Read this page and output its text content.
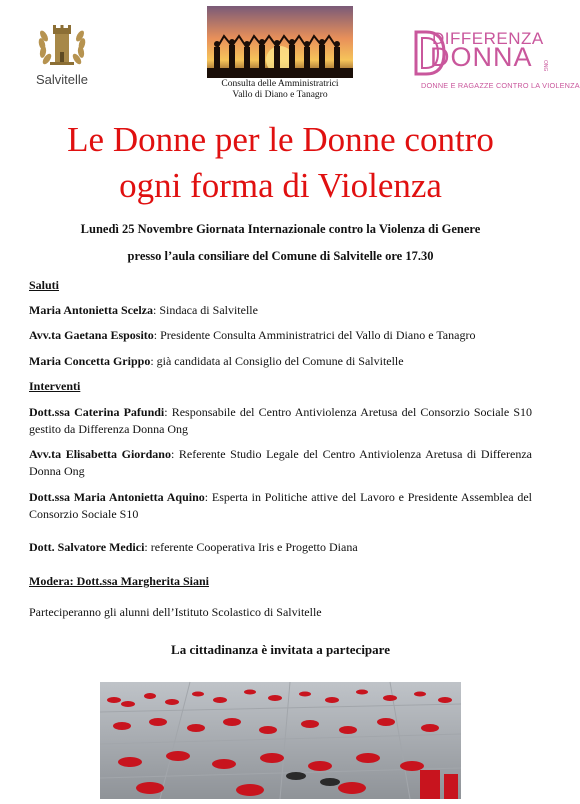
Salvitelle	Consulta delle Amministratrici
Vallo di Diano e Tanagro
DIFFERENZA
DONNA ONG
DONNE E RAGAZZE CONTRO LA VIOLENZA
Le Donne per le Donne contro
ogni forma di Violenza
Lunedì 25 Novembre Giornata Internazionale contro la Violenza di Genere
presso l’aula consiliare del Comune di Salvitelle ore 17.30
Saluti
Maria Antonietta Scelza: Sindaca di Salvitelle
Avv.ta Gaetana Esposito: Presidente Consulta Amministratrici del Vallo di Diano e Tanagro
Maria Concetta Grippo: già candidata al Consiglio del Comune di Salvitelle
Interventi
Dott.ssa Caterina Pafundi: Responsabile del Centro Antiviolenza Aretusa del Consorzio Sociale S10 gestito da Differenza Donna Ong
Avv.ta Elisabetta Giordano: Referente Studio Legale del Centro Antiviolenza Aretusa di Differenza Donna Ong
Dott.ssa Maria Antonietta Aquino: Esperta in Politiche attive del Lavoro e Presidente Assemblea del Consorzio Sociale S10
Dott. Salvatore Medici: referente Cooperativa Iris e Progetto Diana
Modera: Dott.ssa Margherita Siani
Parteciperanno gli alunni dell’Istituto Scolastico di Salvitelle
La cittadinanza è invitata a partecipare
